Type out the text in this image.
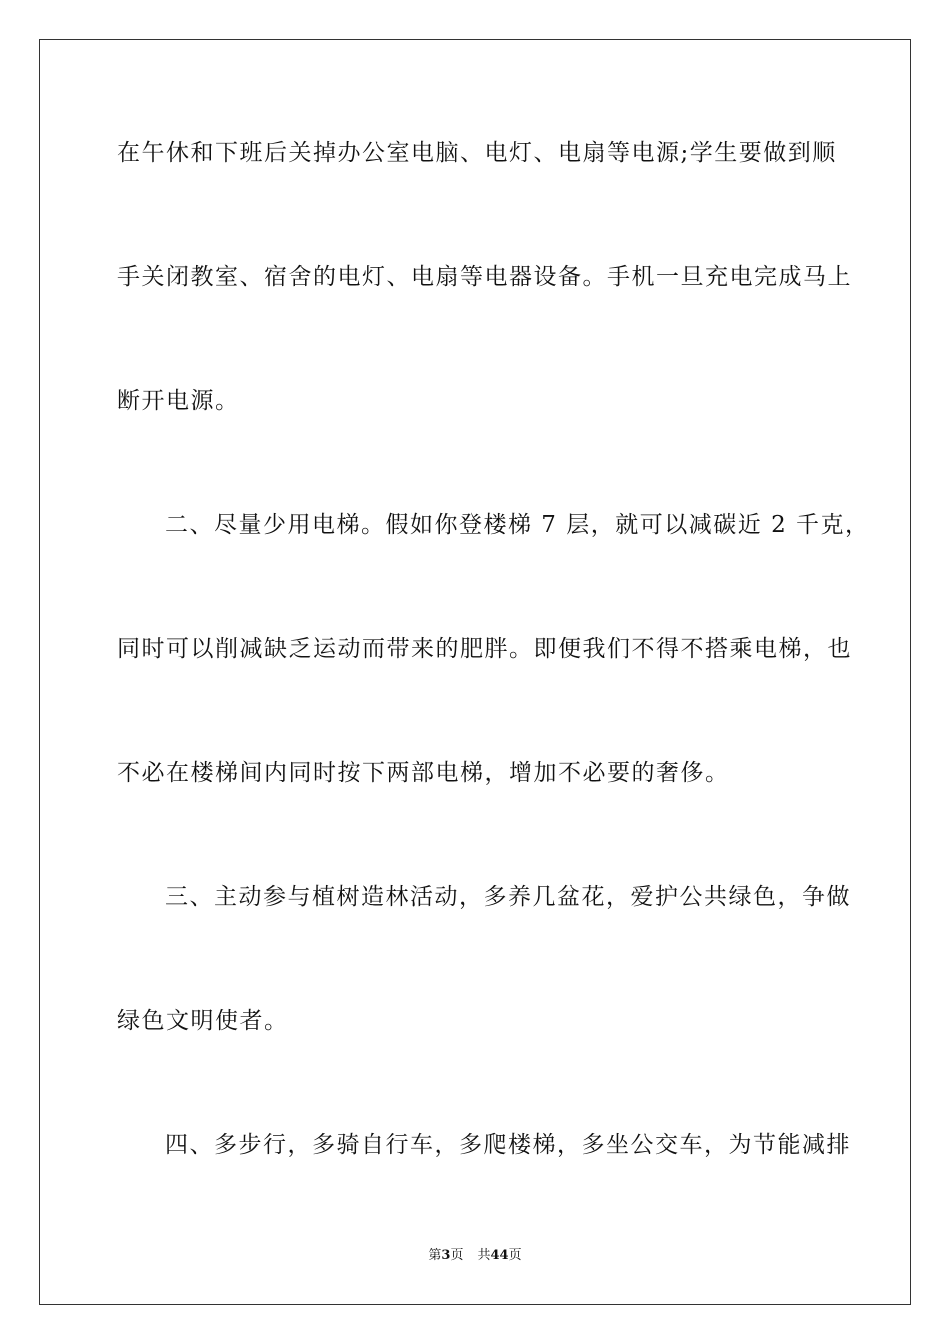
在午休和下班后关掉办公室电脑、电灯、电扇等电源;学生要做到顺
手关闭教室、宿舍的电灯、电扇等电器设备。手机一旦充电完成马上
断开电源。
二、尽量少用电梯。假如你登楼梯 7 层，就可以减碳近 2 千克，
同时可以削减缺乏运动而带来的肥胖。即便我们不得不搭乘电梯，也
不必在楼梯间内同时按下两部电梯，增加不必要的奢侈。
三、主动参与植树造林活动，多养几盆花，爱护公共绿色，争做
绿色文明使者。
四、多步行，多骑自行车，多爬楼梯，多坐公交车，为节能减排
第3页 共44页
